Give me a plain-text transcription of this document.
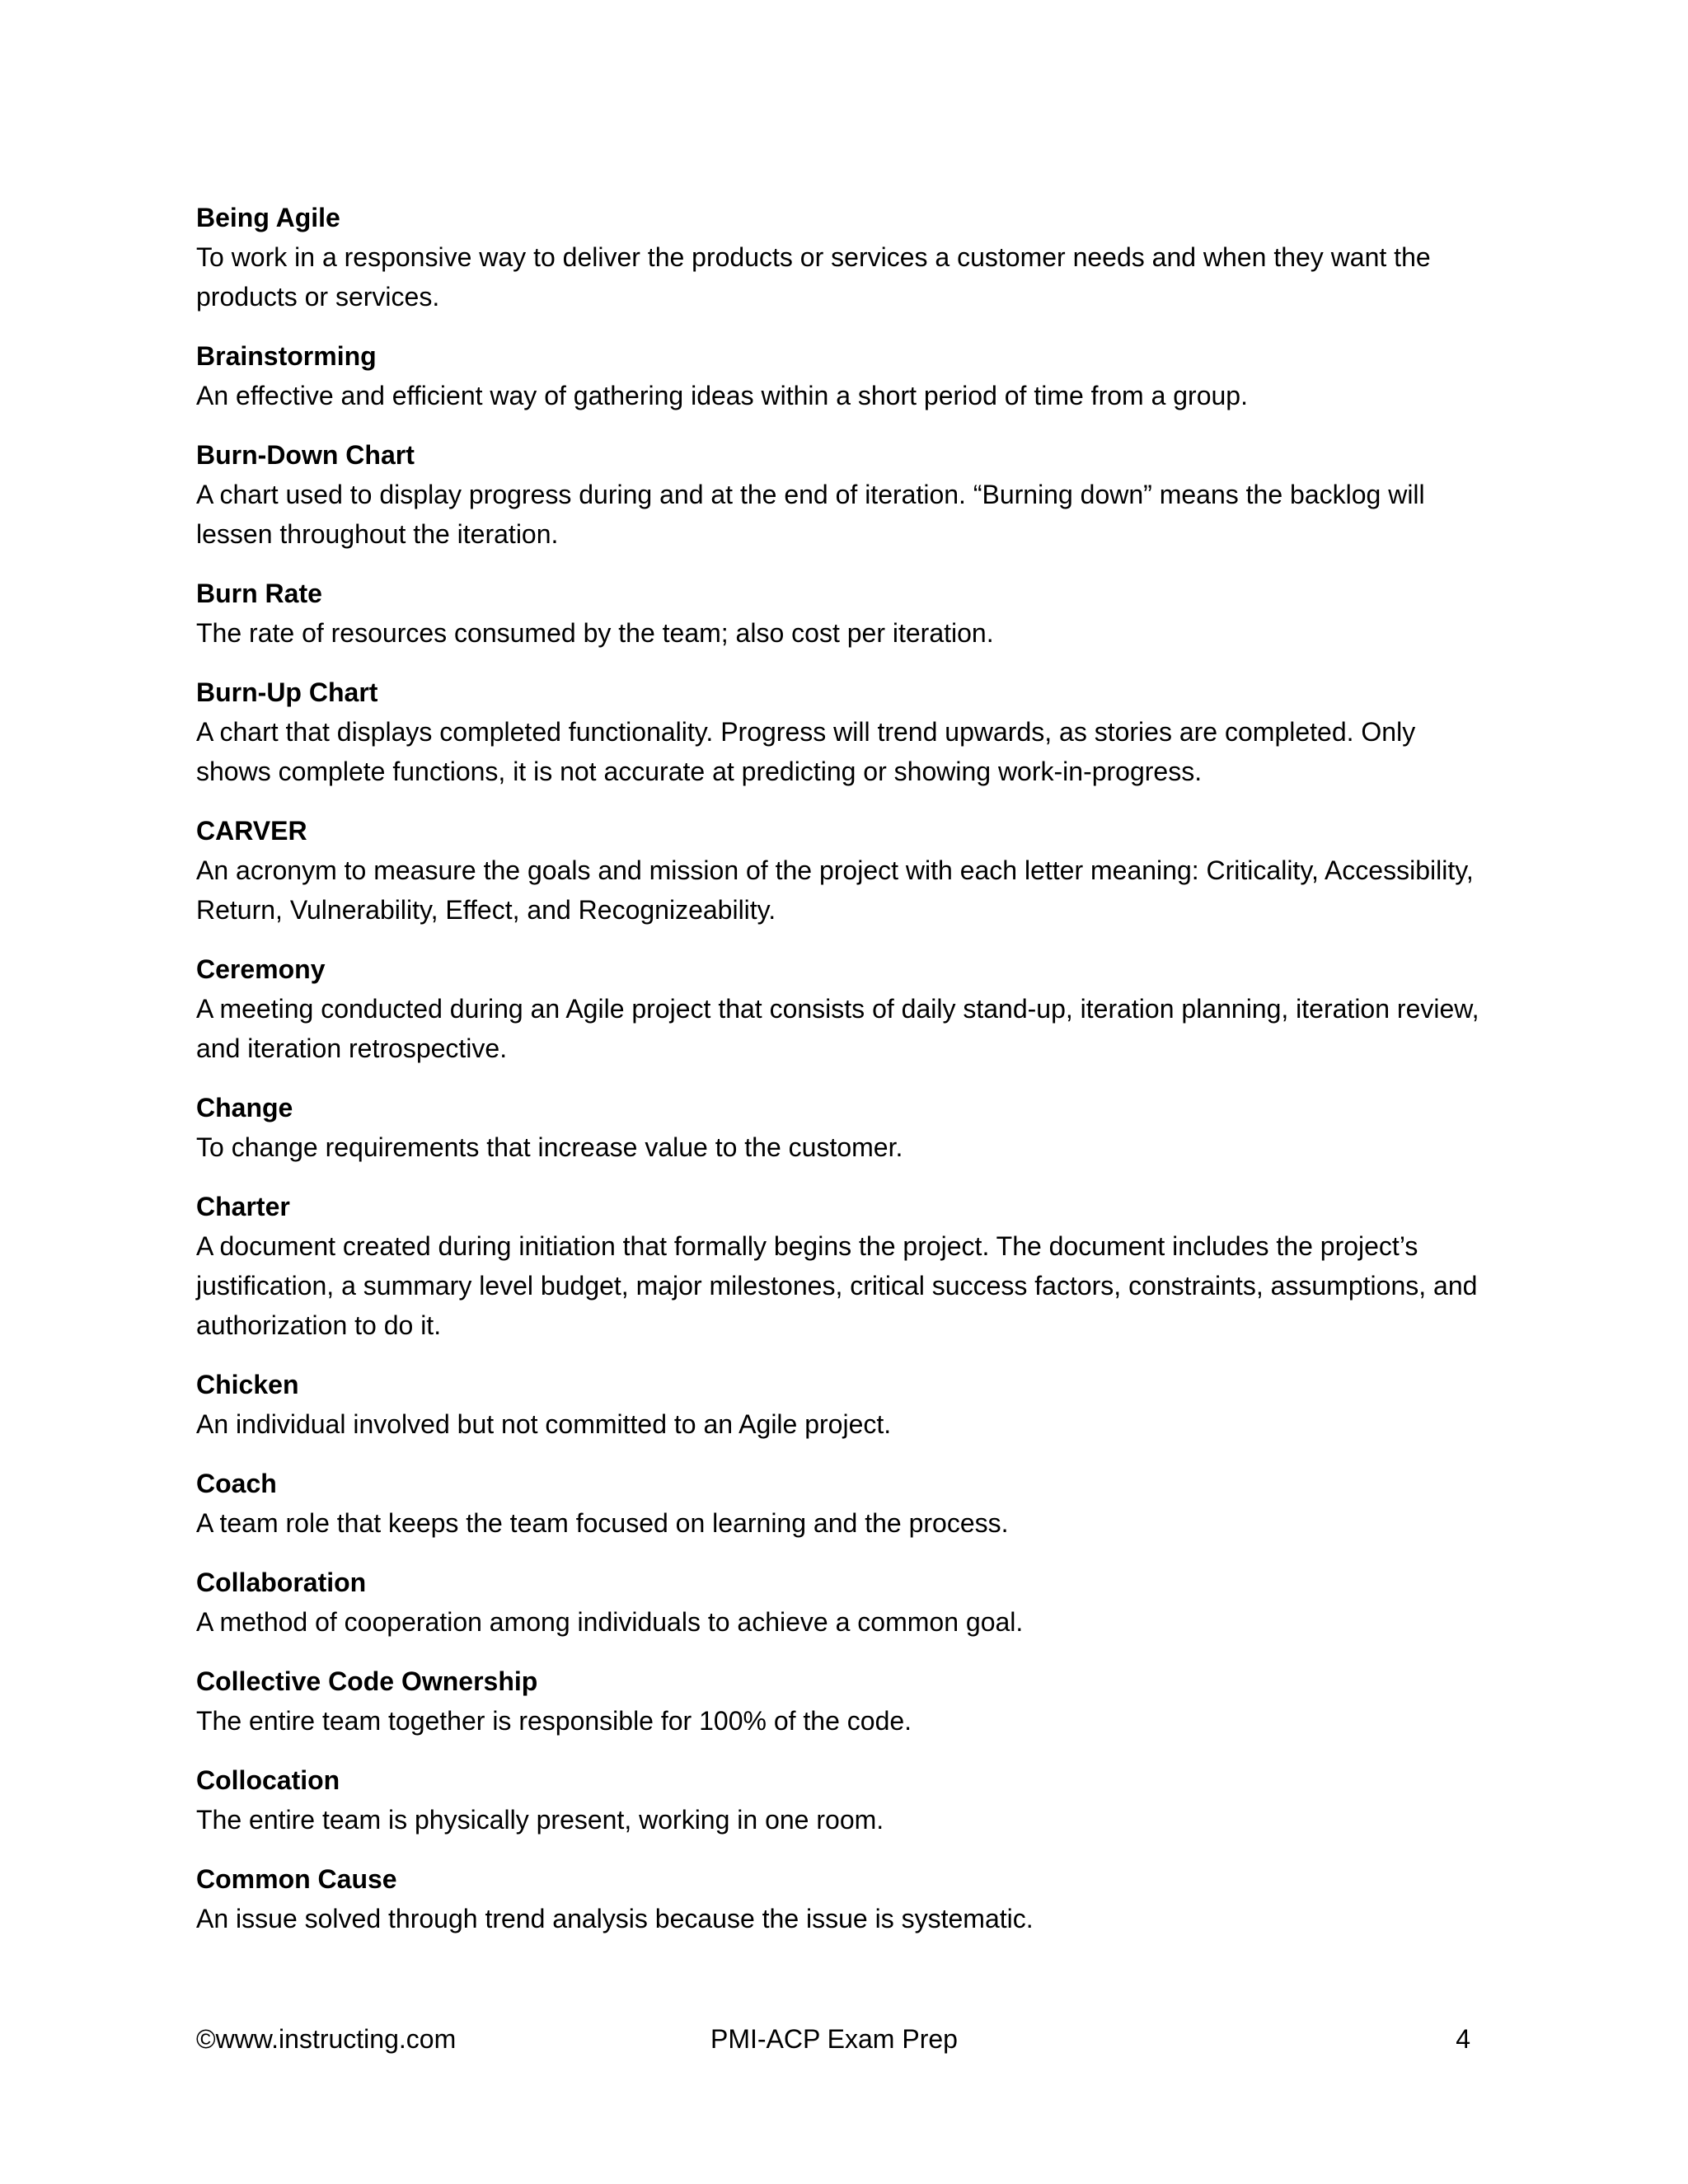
Being Agile
To work in a responsive way to deliver the products or services a customer needs and when they want the products or services.
Brainstorming
An effective and efficient way of gathering ideas within a short period of time from a group.
Burn-Down Chart
A chart used to display progress during and at the end of iteration. “Burning down” means the backlog will lessen throughout the iteration.
Burn Rate
The rate of resources consumed by the team; also cost per iteration.
Burn-Up Chart
A chart that displays completed functionality. Progress will trend upwards, as stories are completed. Only shows complete functions, it is not accurate at predicting or showing work-in-progress.
CARVER
An acronym to measure the goals and mission of the project with each letter meaning: Criticality, Accessibility, Return, Vulnerability, Effect, and Recognizeability.
Ceremony
A meeting conducted during an Agile project that consists of daily stand-up, iteration planning, iteration review, and iteration retrospective.
Change
To change requirements that increase value to the customer.
Charter
A document created during initiation that formally begins the project. The document includes the project’s justification, a summary level budget, major milestones, critical success factors, constraints, assumptions, and authorization to do it.
Chicken
An individual involved but not committed to an Agile project.
Coach
A team role that keeps the team focused on learning and the process.
Collaboration
A method of cooperation among individuals to achieve a common goal.
Collective Code Ownership
The entire team together is responsible for 100% of the code.
Collocation
The entire team is physically present, working in one room.
Common Cause
An issue solved through trend analysis because the issue is systematic.
©www.instructing.com	PMI-ACP Exam Prep	4
